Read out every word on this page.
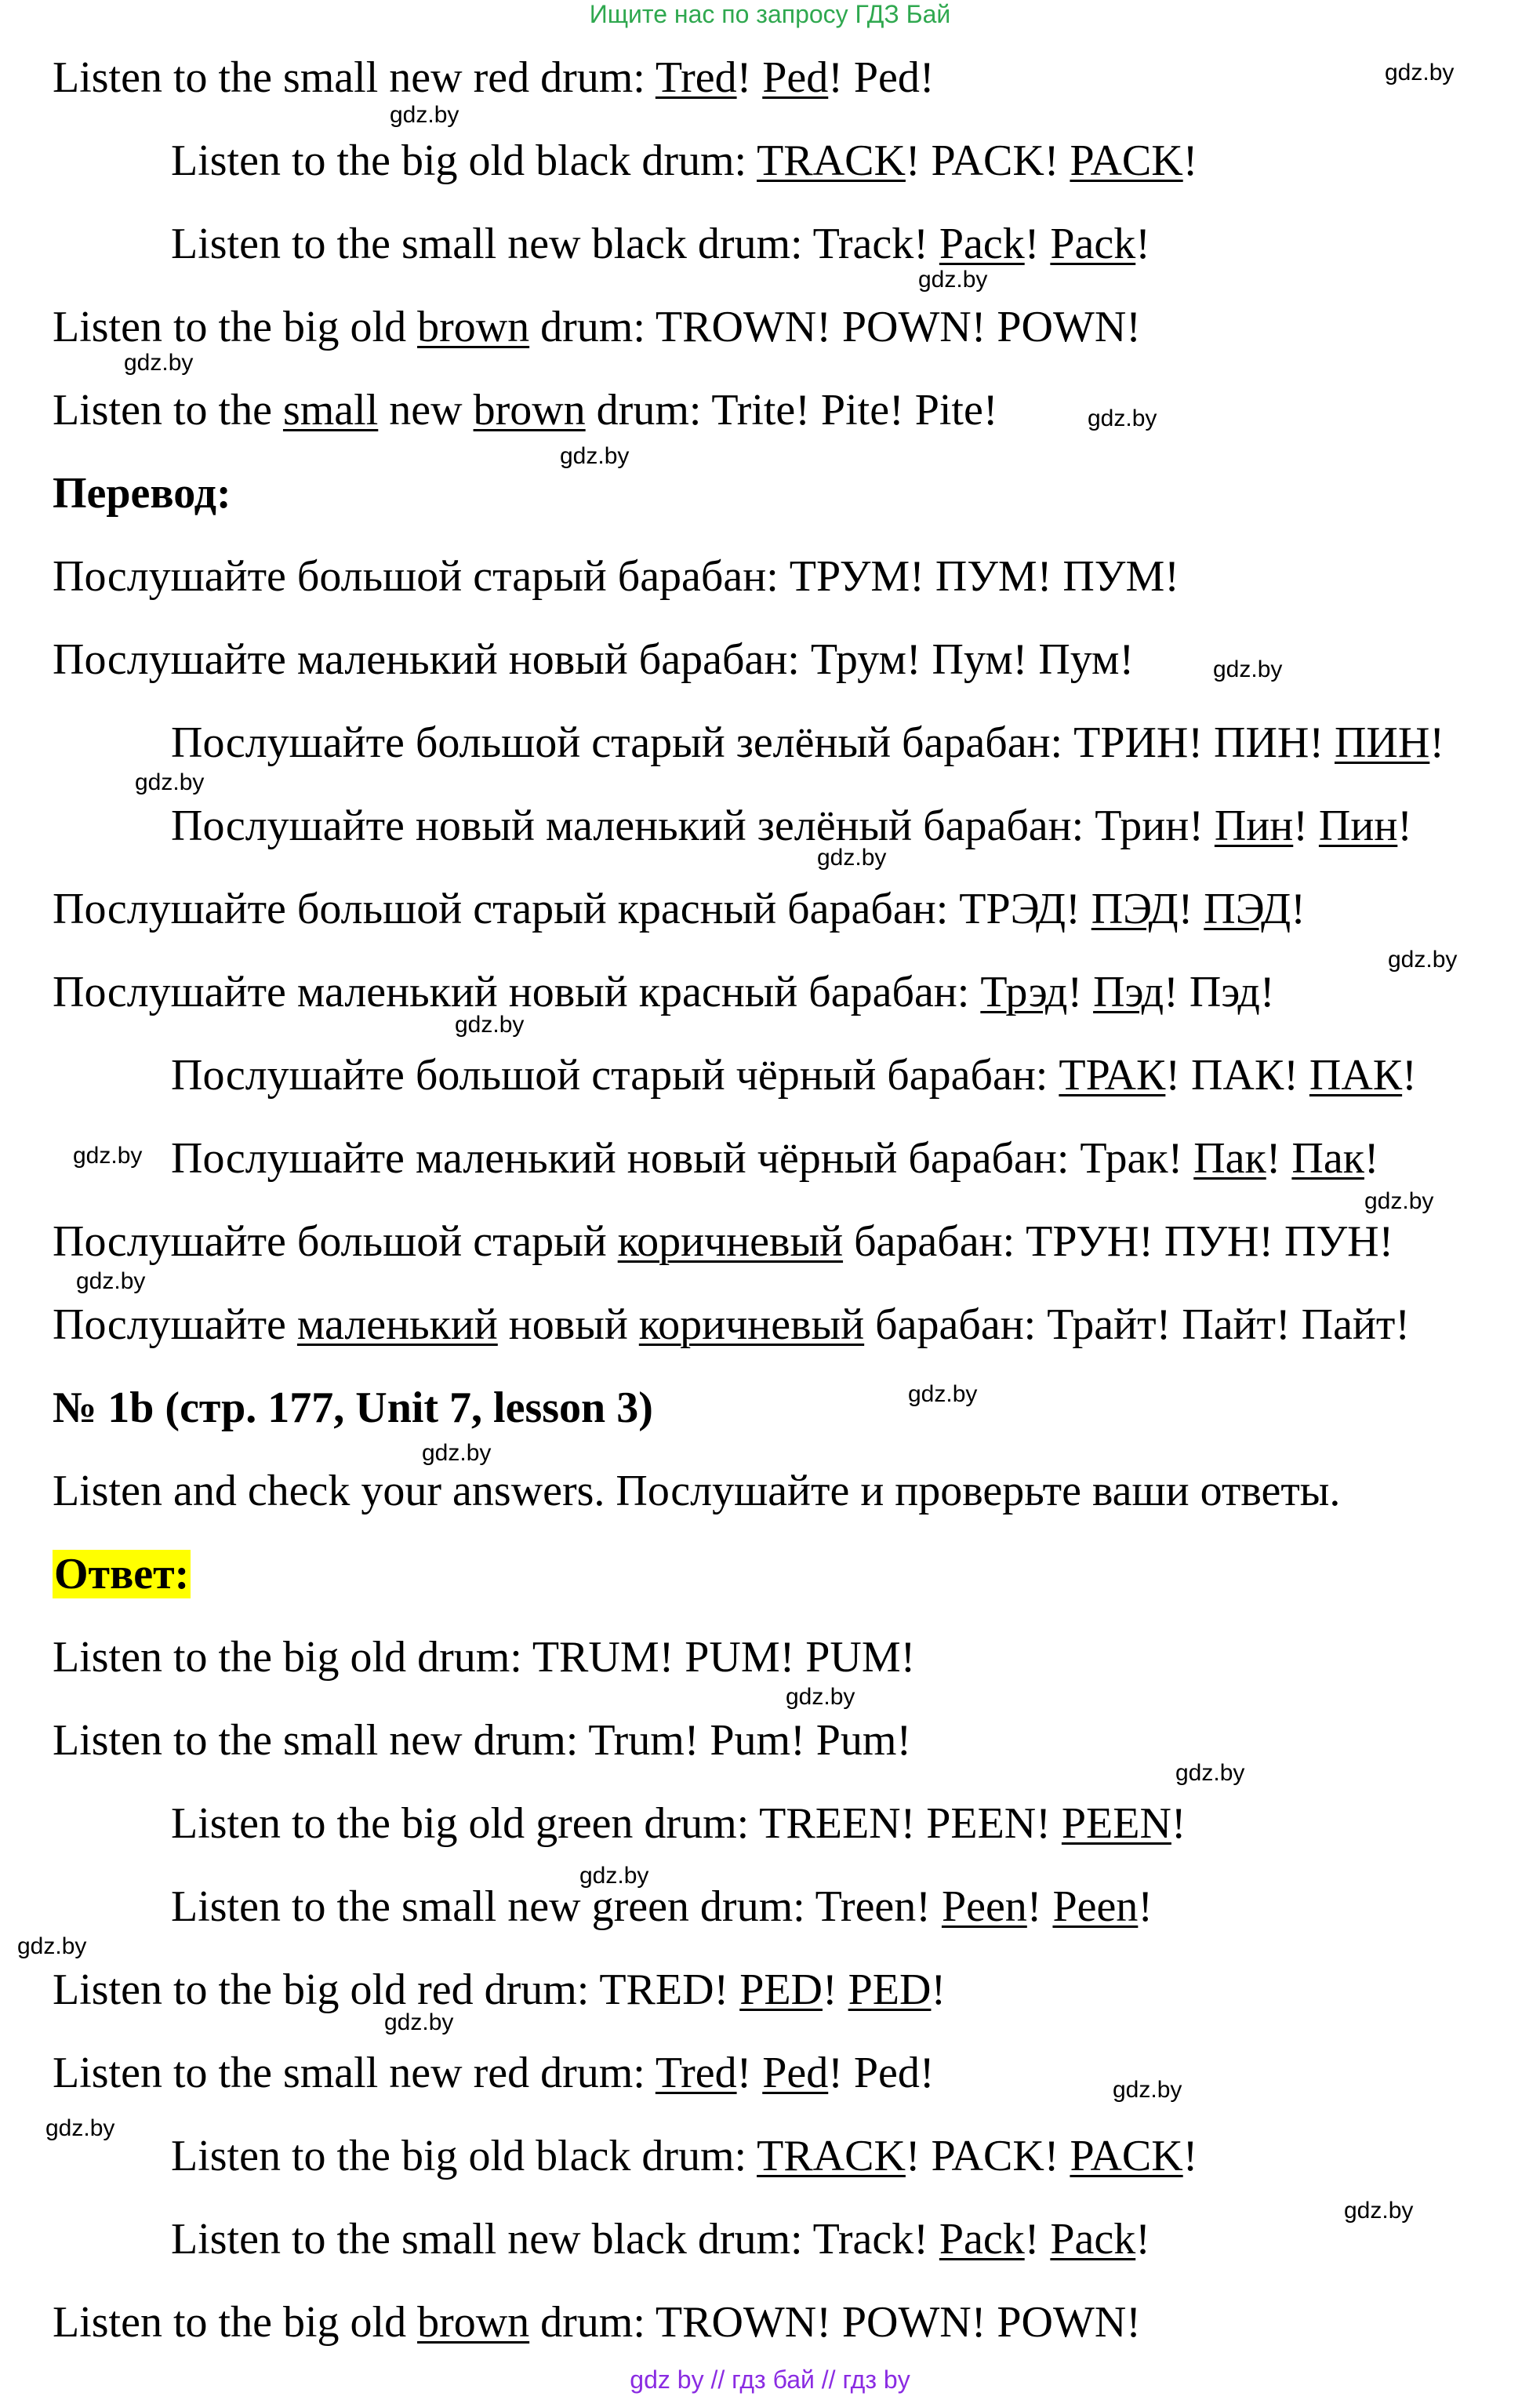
Ищите нас по запросу ГДЗ Бай

Listen to the small new red drum: Tred! Ped! Ped!

Listen to the big old black drum: TRACK! PACK! PACK!

Listen to the small new black drum: Track! Pack! Pack!

Listen to the big old brown drum: TROWN! POWN! POWN!

Listen to the small new brown drum: Trite! Pite! Pite!

Перевод:

Послушайте большой старый барабан: ТРУМ! ПУМ! ПУМ!

Послушайте маленький новый барабан: Трум! Пум! Пум!

Послушайте большой старый зелёный барабан: ТРИН! ПИН! ПИН!

Послушайте новый маленький зелёный барабан: Трин! Пин! Пин!

Послушайте большой старый красный барабан: ТРЭД! ПЭД! ПЭД!

Послушайте маленький новый красный барабан: Трэд! Пэд! Пэд!

Послушайте большой старый чёрный барабан: ТРАК! ПАК! ПАК!

Послушайте маленький новый чёрный барабан: Трак! Пак! Пак!

Послушайте большой старый коричневый барабан: ТРУН! ПУН! ПУН!

Послушайте маленький новый коричневый барабан: Трайт! Пайт! Пайт!

№ 1b (стр. 177, Unit 7, lesson 3)

Listen and check your answers. Послушайте и проверьте ваши ответы.

Ответ:

Listen to the big old drum: TRUM! PUM! PUM!

Listen to the small new drum: Trum! Pum! Pum!

Listen to the big old green drum: TREEN! PEEN! PEEN!

Listen to the small new green drum: Treen! Peen! Peen!

Listen to the big old red drum: TRED! PED! PED!

Listen to the small new red drum: Tred! Ped! Ped!

Listen to the big old black drum: TRACK! PACK! PACK!

Listen to the small new black drum: Track! Pack! Pack!

Listen to the big old brown drum: TROWN! POWN! POWN!

gdz.by
gdz.by
gdz.by
gdz.by
gdz.by
gdz.by
gdz.by
gdz.by
gdz.by
gdz.by
gdz.by
gdz.by
gdz.by
gdz.by
gdz.by
gdz.by
gdz.by
gdz.by
gdz.by
gdz.by
gdz.by
gdz.by
gdz.by
gdz.by
gdz by // гдз бай // гдз by
